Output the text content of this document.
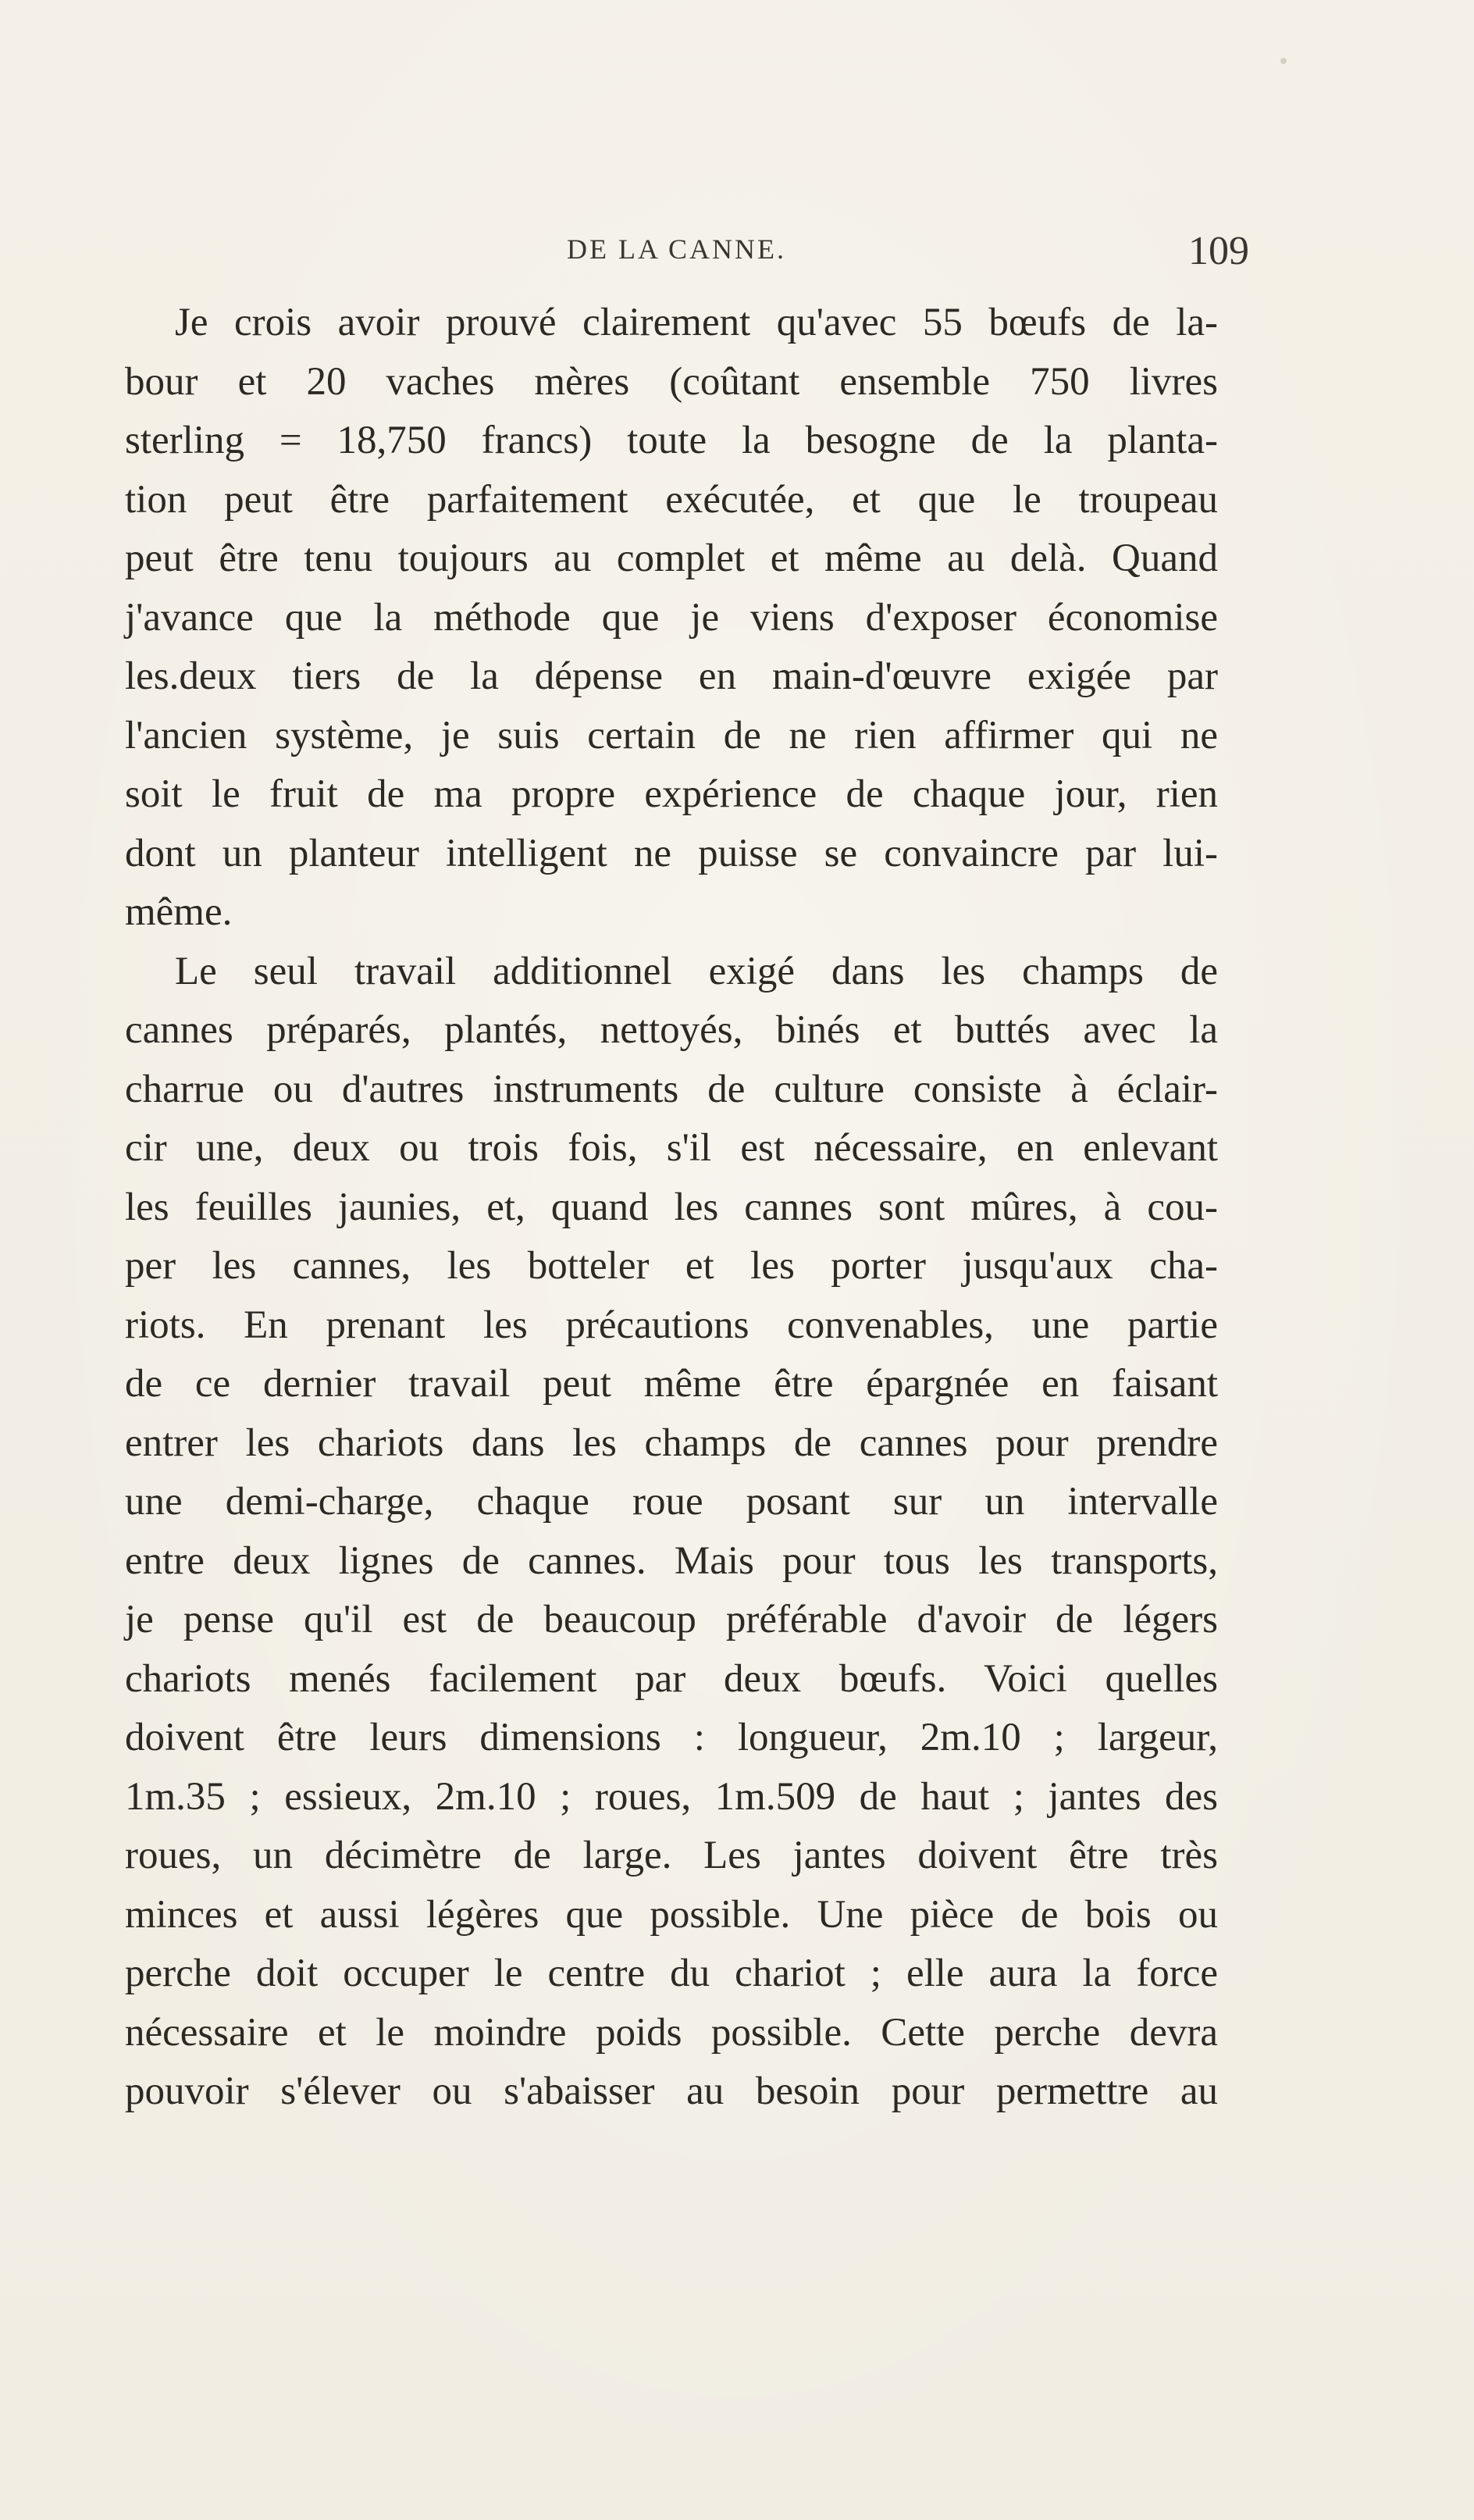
DE LA CANNE.	109

Je crois avoir prouvé clairement qu'avec 55 bœufs de la-
bour et 20 vaches mères (coûtant ensemble 750 livres
sterling = 18,750 francs) toute la besogne de la planta-
tion peut être parfaitement exécutée, et que le troupeau
peut être tenu toujours au complet et même au delà. Quand
j'avance que la méthode que je viens d'exposer économise
les.deux tiers de la dépense en main-d'œuvre exigée par
l'ancien système, je suis certain de ne rien affirmer qui ne
soit le fruit de ma propre expérience de chaque jour, rien
dont un planteur intelligent ne puisse se convaincre par lui-
même.

Le seul travail additionnel exigé dans les champs de
cannes préparés, plantés, nettoyés, binés et buttés avec la
charrue ou d'autres instruments de culture consiste à éclair-
cir une, deux ou trois fois, s'il est nécessaire, en enlevant
les feuilles jaunies, et, quand les cannes sont mûres, à cou-
per les cannes, les botteler et les porter jusqu'aux cha-
riots. En prenant les précautions convenables, une partie
de ce dernier travail peut même être épargnée en faisant
entrer les chariots dans les champs de cannes pour prendre
une demi-charge, chaque roue posant sur un intervalle
entre deux lignes de cannes. Mais pour tous les transports,
je pense qu'il est de beaucoup préférable d'avoir de légers
chariots menés facilement par deux bœufs. Voici quelles
doivent être leurs dimensions : longueur, 2m.10 ; largeur,
1m.35 ; essieux, 2m.10 ; roues, 1m.509 de haut ; jantes des
roues, un décimètre de large. Les jantes doivent être très
minces et aussi légères que possible. Une pièce de bois ou
perche doit occuper le centre du chariot ; elle aura la force
nécessaire et le moindre poids possible. Cette perche devra
pouvoir s'élever ou s'abaisser au besoin pour permettre au
